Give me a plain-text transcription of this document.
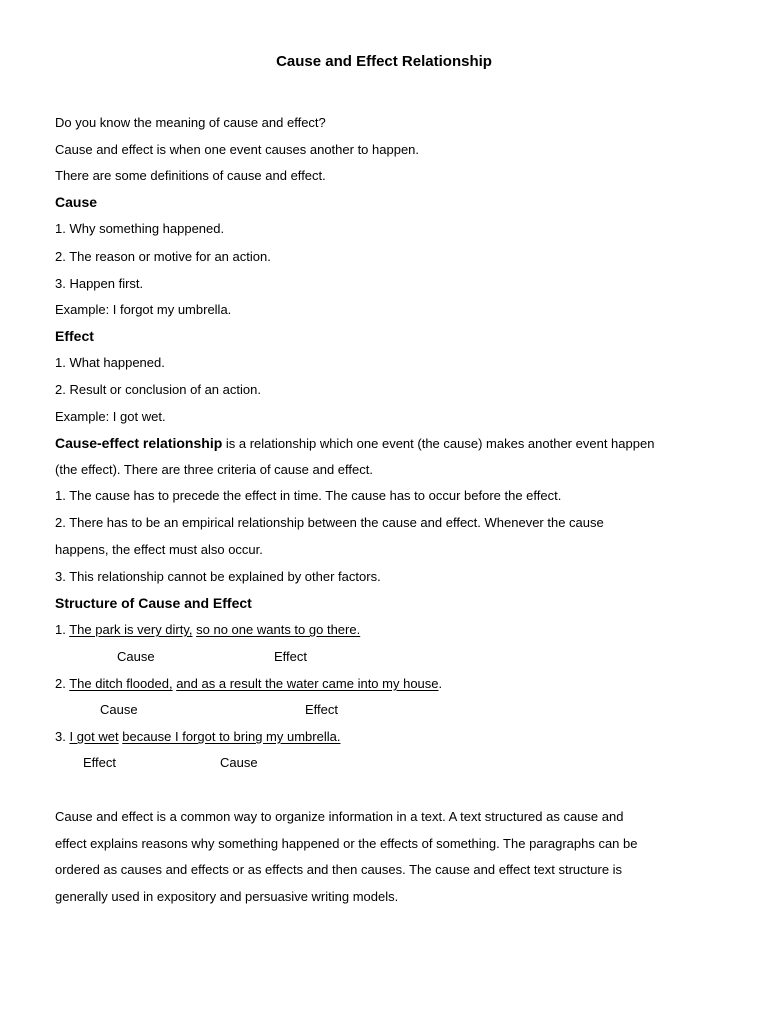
Cause and Effect Relationship
Do you know the meaning of cause and effect?
Cause and effect is when one event causes another to happen.
There are some definitions of cause and effect.
Cause
1. Why something happened.
2. The reason or motive for an action.
3. Happen first.
Example: I forgot my umbrella.
Effect
1. What happened.
2. Result or conclusion of an action.
Example: I got wet.
Cause-effect relationship is a relationship which one event (the cause) makes another event happen
(the effect). There are three criteria of cause and effect.
1. The cause has to precede the effect in time. The cause has to occur before the effect.
2. There has to be an empirical relationship between the cause and effect. Whenever the cause
happens, the effect must also occur.
3. This relationship cannot be explained by other factors.
Structure of Cause and Effect
1. The park is very dirty, so no one wants to go there.
Cause	Effect
2. The ditch flooded, and as a result the water came into my house.
Cause	Effect
3. I got wet because I forgot to bring my umbrella.
Effect	Cause
Cause and effect is a common way to organize information in a text. A text structured as cause and
effect explains reasons why something happened or the effects of something. The paragraphs can be
ordered as causes and effects or as effects and then causes. The cause and effect text structure is
generally used in expository and persuasive writing models.
